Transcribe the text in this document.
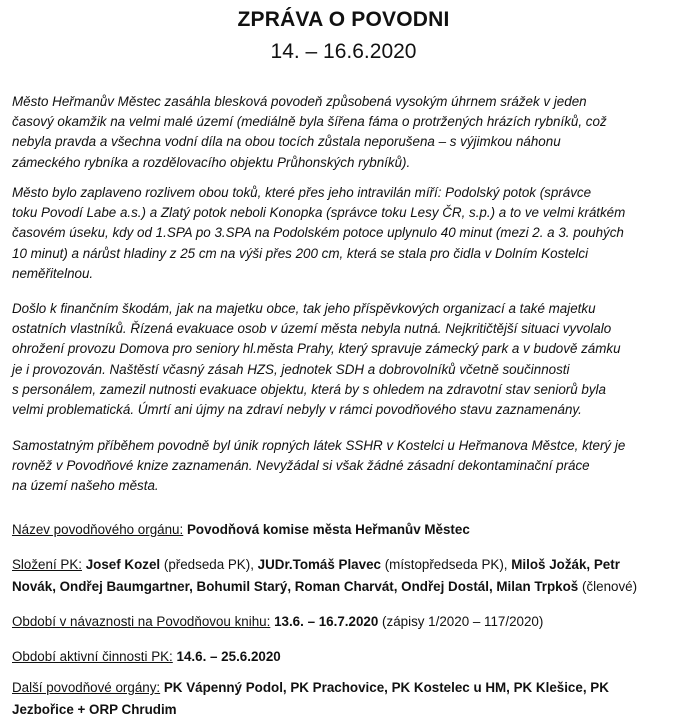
ZPRÁVA O POVODNI
14. – 16.6.2020

Město Heřmanův Městec zasáhla blesková povodeň způsobená vysokým úhrnem srážek v jeden
časový okamžik na velmi malé území (mediálně byla šířena fáma o protržených hrázích rybníků, což
nebyla pravda a všechna vodní díla na obou tocích zůstala neporušena – s výjimkou náhonu
zámeckého rybníka a rozdělovacího objektu Průhonských rybníků).

Město bylo zaplaveno rozlivem obou toků, které přes jeho intravilán míří: Podolský potok (správce
toku Povodí Labe a.s.) a Zlatý potok neboli Konopka (správce toku Lesy ČR, s.p.) a to ve velmi krátkém
časovém úseku, kdy od 1.SPA po 3.SPA na Podolském potoce uplynulo 40 minut (mezi 2. a 3. pouhých
10 minut) a nárůst hladiny z 25 cm na výši přes 200 cm, která se stala pro čidla v Dolním Kostelci
neměřitelnou.

Došlo k finančním škodám, jak na majetku obce, tak jeho příspěvkových organizací a také majetku
ostatních vlastníků. Řízená evakuace osob v území města nebyla nutná. Nejkritičtější situaci vyvolalo
ohrožení provozu Domova pro seniory hl.města Prahy, který spravuje zámecký park a v budově zámku
je i provozován. Naštěstí včasný zásah HZS, jednotek SDH a dobrovolníků včetně součinnosti
s personálem, zamezil nutnosti evakuace objektu, která by s ohledem na zdravotní stav seniorů byla
velmi problematická. Úmrtí ani újmy na zdraví nebyly v rámci povodňového stavu zaznamenány.

Samostatným příběhem povodně byl únik ropných látek SSHR v Kostelci u Heřmanova Městce, který je
rovněž v Povodňové knize zaznamenán. Nevyžádal si však žádné zásadní dekontaminační práce
na území našeho města.

Název povodňového orgánu: Povodňová komise města Heřmanův Městec
Složení PK: Josef Kozel (předseda PK), JUDr.Tomáš Plavec (místopředseda PK), Miloš Jožák, Petr
Novák, Ondřej Baumgartner, Bohumil Starý, Roman Charvát, Ondřej Dostál, Milan Trpkoš (členové)
Období v návaznosti na Povodňovou knihu: 13.6. – 16.7.2020 (zápisy 1/2020 – 117/2020)
Období aktivní činnosti PK: 14.6. – 25.6.2020
Další povodňové orgány: PK Vápenný Podol, PK Prachovice, PK Kostelec u HM, PK Klešice, PK
Jezbořice + ORP Chrudim
